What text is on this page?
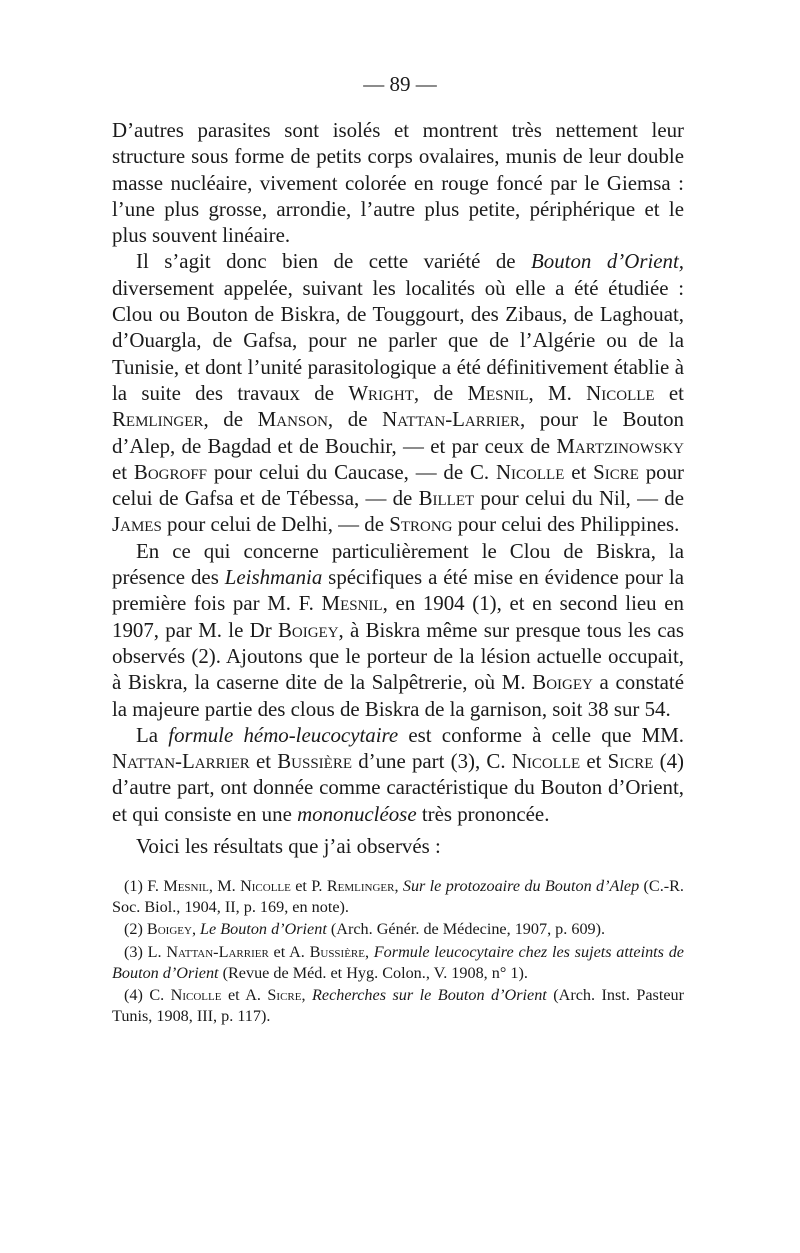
— 89 —

D’autres parasites sont isolés et montrent très nettement leur structure sous forme de petits corps ovalaires, munis de leur double masse nucléaire, vivement colorée en rouge foncé par le Giemsa : l’une plus grosse, arrondie, l’autre plus petite, périphérique et le plus souvent linéaire.

Il s’agit donc bien de cette variété de Bouton d’Orient, diversement appelée, suivant les localités où elle a été étudiée : Clou ou Bouton de Biskra, de Touggourt, des Zibaus, de Laghouat, d’Ouargla, de Gafsa, pour ne parler que de l’Algérie ou de la Tunisie, et dont l’unité parasitologique a été définitivement établie à la suite des travaux de Wright, de Mesnil, M. Nicolle et Remlinger, de Manson, de Nattan-Larrier, pour le Bouton d’Alep, de Bagdad et de Bouchir, — et par ceux de Martzinowsky et Bogroff pour celui du Caucase, — de C. Nicolle et Sicre pour celui de Gafsa et de Tébessa, — de Billet pour celui du Nil, — de James pour celui de Delhi, — de Strong pour celui des Philippines.

En ce qui concerne particulièrement le Clou de Biskra, la présence des Leishmania spécifiques a été mise en évidence pour la première fois par M. F. Mesnil, en 1904 (1), et en second lieu en 1907, par M. le Dr Boigey, à Biskra même sur presque tous les cas observés (2). Ajoutons que le porteur de la lésion actuelle occupait, à Biskra, la caserne dite de la Salpêtrerie, où M. Boigey a constaté la majeure partie des clous de Biskra de la garnison, soit 38 sur 54.

La formule hémo-leucocytaire est conforme à celle que MM. Nattan-Larrier et Bussière d’une part (3), C. Nicolle et Sicre (4) d’autre part, ont donnée comme caractéristique du Bouton d’Orient, et qui consiste en une mononucléose très prononcée.

Voici les résultats que j’ai observés :

(1) F. Mesnil, M. Nicolle et P. Remlinger, Sur le protozoaire du Bouton d’Alep (C.-R. Soc. Biol., 1904, II, p. 169, en note).

(2) Boigey, Le Bouton d’Orient (Arch. Génér. de Médecine, 1907, p. 609).

(3) L. Nattan-Larrier et A. Bussière, Formule leucocytaire chez les sujets atteints de Bouton d’Orient (Revue de Méd. et Hyg. Colon., V. 1908, n° 1).

(4) C. Nicolle et A. Sicre, Recherches sur le Bouton d’Orient (Arch. Inst. Pasteur Tunis, 1908, III, p. 117).
